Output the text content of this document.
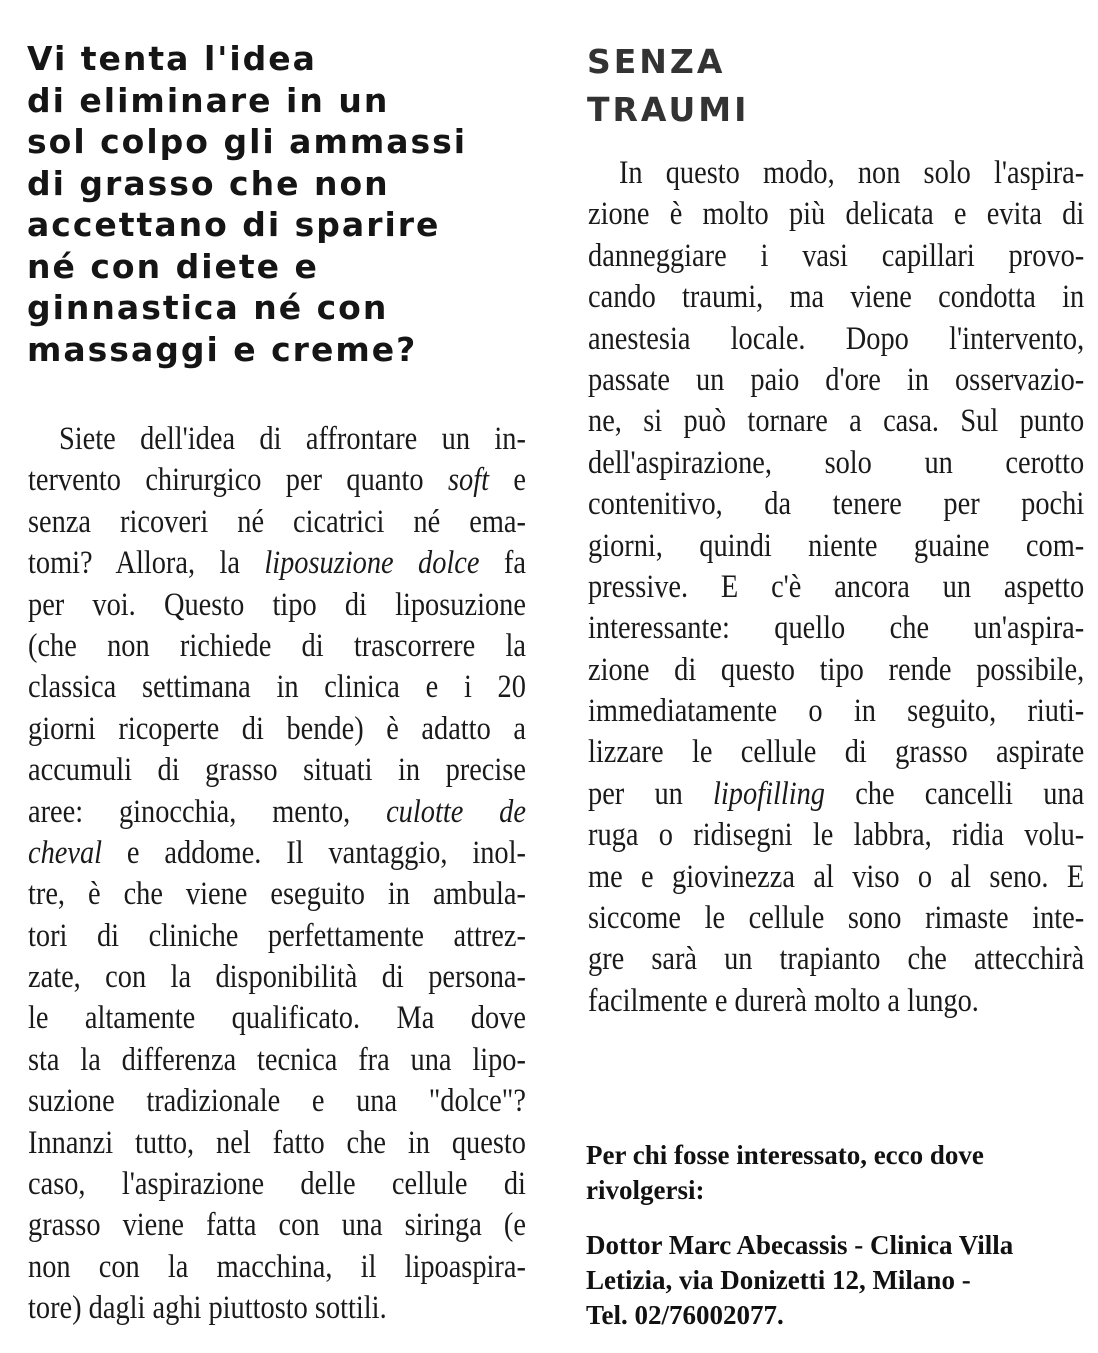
Vi tenta l'idea
di eliminare in un
sol colpo gli ammassi
di grasso che non
accettano di sparire
né con diete e
ginnastica né con
massaggi e creme?
Siete dell'idea di affrontare un in-
tervento chirurgico per quanto soft e
senza ricoveri né cicatrici né ema-
tomi? Allora, la liposuzione dolce fa
per voi. Questo tipo di liposuzione
(che non richiede di trascorrere la
classica settimana in clinica e i 20
giorni ricoperte di bende) è adatto a
accumuli di grasso situati in precise
aree: ginocchia, mento, culotte de
cheval e addome. Il vantaggio, inol-
tre, è che viene eseguito in ambula-
tori di cliniche perfettamente attrez-
zate, con la disponibilità di persona-
le altamente qualificato. Ma dove
sta la differenza tecnica fra una lipo-
suzione tradizionale e una "dolce"?
Innanzi tutto, nel fatto che in questo
caso, l'aspirazione delle cellule di
grasso viene fatta con una siringa (e
non con la macchina, il lipoaspira-
tore) dagli aghi piuttosto sottili.
SENZA
TRAUMI
In questo modo, non solo l'aspira-
zione è molto più delicata e evita di
danneggiare i vasi capillari provo-
cando traumi, ma viene condotta in
anestesia locale. Dopo l'intervento,
passate un paio d'ore in osservazio-
ne, si può tornare a casa. Sul punto
dell'aspirazione, solo un cerotto
contenitivo, da tenere per pochi
giorni, quindi niente guaine com-
pressive. E c'è ancora un aspetto
interessante: quello che un'aspira-
zione di questo tipo rende possibile,
immediatamente o in seguito, riuti-
lizzare le cellule di grasso aspirate
per un lipofilling che cancelli una
ruga o ridisegni le labbra, ridia volu-
me e giovinezza al viso o al seno. E
siccome le cellule sono rimaste inte-
gre sarà un trapianto che attecchirà
facilmente e durerà molto a lungo.
Per chi fosse interessato, ecco dove
rivolgersi:
Dottor Marc Abecassis - Clinica Villa
Letizia, via Donizetti 12, Milano -
Tel. 02/76002077.
